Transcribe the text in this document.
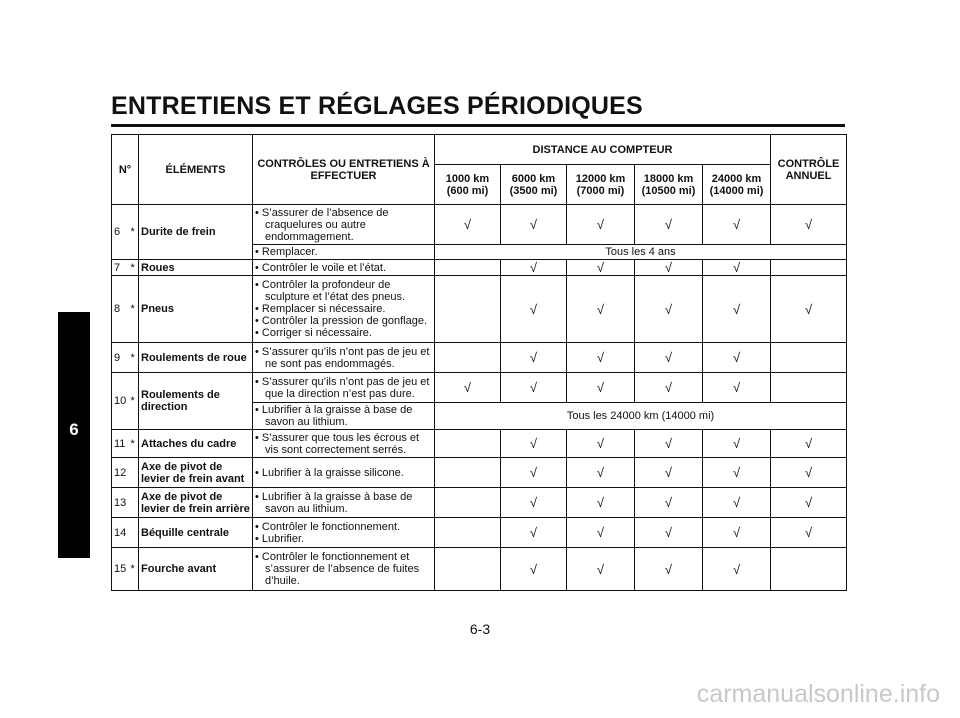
ENTRETIENS ET RÉGLAGES PÉRIODIQUES
6
N°		ÉLÉMENTS	CONTRÔLES OU ENTRETIENS À EFFECTUER	DISTANCE AU COMPTEUR					CONTRÔLE ANNUEL
				1000 km (600 mi)	6000 km (3500 mi)	12000 km (7000 mi)	18000 km (10500 mi)	24000 km (14000 mi)	
6	*	Durite de frein	• S’assurer de l’absence de craquelures ou autre endommagement.	√	√	√	√	√	√

			• Remplacer.	Tous les 4 ans					
7	*	Roues	• Contrôler le voile et l’état.		√	√	√	√	
8	*	Pneus	• Contrôler la profondeur de sculpture et l’état des pneus.
• Remplacer si nécessaire.
• Contrôler la pression de gonflage.
• Corriger si nécessaire.		√	√	√	√	√
9	*	Roulements de roue	• S’assurer qu’ils n’ont pas de jeu et ne sont pas endommagés.		√	√	√	√	
10	*	Roulements de direction	• S’assurer qu’ils n’ont pas de jeu et que la direction n’est pas dure.	√	√	√	√	√	

			• Lubrifier à la graisse à base de savon au lithium.	Tous les 24000 km (14000 mi)					
11	*	Attaches du cadre	• S’assurer que tous les écrous et vis sont correctement serrés.		√	√	√	√	√
12		Axe de pivot de levier de frein avant	• Lubrifier à la graisse silicone.		√	√	√	√	√
13		Axe de pivot de levier de frein arrière	• Lubrifier à la graisse à base de savon au lithium.		√	√	√	√	√
14		Béquille centrale	• Contrôler le fonctionnement.
• Lubrifier.		√	√	√	√	√
15	*	Fourche avant	• Contrôler le fonctionnement et s’assurer de l’absence de fuites d’huile.		√	√	√	√	
6-3
carmanualsonline.info
